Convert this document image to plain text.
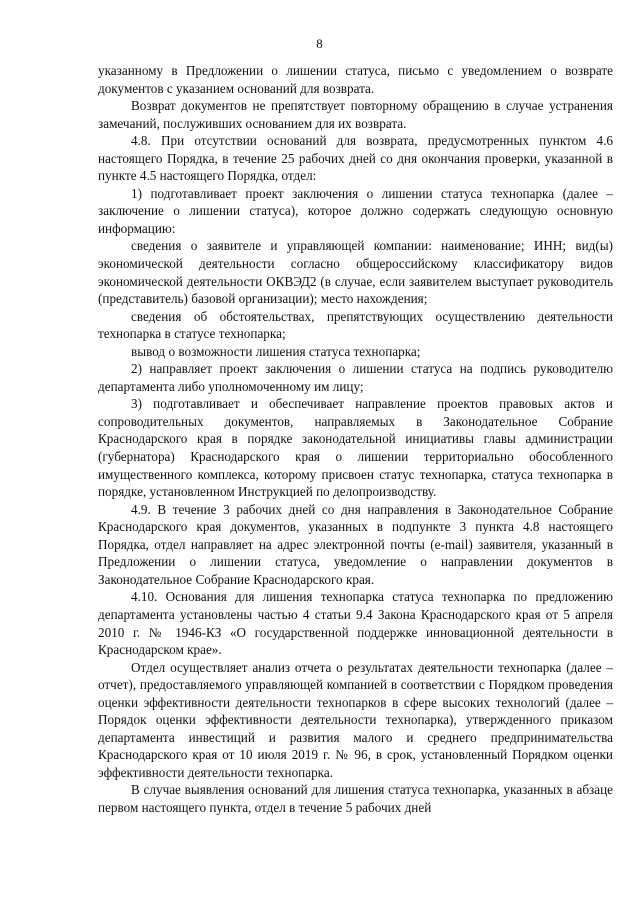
8

указанному в Предложении о лишении статуса, письмо с уведомлением о возврате документов с указанием оснований для возврата.

Возврат документов не препятствует повторному обращению в случае устранения замечаний, послуживших основанием для их возврата.

4.8. При отсутствии оснований для возврата, предусмотренных пунктом 4.6 настоящего Порядка, в течение 25 рабочих дней со дня окончания проверки, указанной в пункте 4.5 настоящего Порядка, отдел:

1) подготавливает проект заключения о лишении статуса технопарка (далее – заключение о лишении статуса), которое должно содержать следующую основную информацию:

сведения о заявителе и управляющей компании: наименование; ИНН; вид(ы) экономической деятельности согласно общероссийскому классификатору видов экономической деятельности ОКВЭД2 (в случае, если заявителем выступает руководитель (представитель) базовой организации); место нахождения;

сведения об обстоятельствах, препятствующих осуществлению деятельности технопарка в статусе технопарка;

вывод о возможности лишения статуса технопарка;

2) направляет проект заключения о лишении статуса на подпись руководителю департамента либо уполномоченному им лицу;

3) подготавливает и обеспечивает направление проектов правовых актов и сопроводительных документов, направляемых в Законодательное Собрание Краснодарского края в порядке законодательной инициативы главы администрации (губернатора) Краснодарского края о лишении территориально обособленного имущественного комплекса, которому присвоен статус технопарка, статуса технопарка в порядке, установленном Инструкцией по делопроизводству.

4.9. В течение 3 рабочих дней со дня направления в Законодательное Собрание Краснодарского края документов, указанных в подпункте 3 пункта 4.8 настоящего Порядка, отдел направляет на адрес электронной почты (e-mail) заявителя, указанный в Предложении о лишении статуса, уведомление о направлении документов в Законодательное Собрание Краснодарского края.

4.10. Основания для лишения технопарка статуса технопарка по предложению департамента установлены частью 4 статьи 9.4 Закона Краснодарского края от 5 апреля 2010 г. № 1946-КЗ «О государственной поддержке инновационной деятельности в Краснодарском крае».

Отдел осуществляет анализ отчета о результатах деятельности технопарка (далее – отчет), предоставляемого управляющей компанией в соответствии с Порядком проведения оценки эффективности деятельности технопарков в сфере высоких технологий (далее – Порядок оценки эффективности деятельности технопарка), утвержденного приказом департамента инвестиций и развития малого и среднего предпринимательства Краснодарского края от 10 июля 2019 г. № 96, в срок, установленный Порядком оценки эффективности деятельности технопарка.

В случае выявления оснований для лишения статуса технопарка, указанных в абзаце первом настоящего пункта, отдел в течение 5 рабочих дней
